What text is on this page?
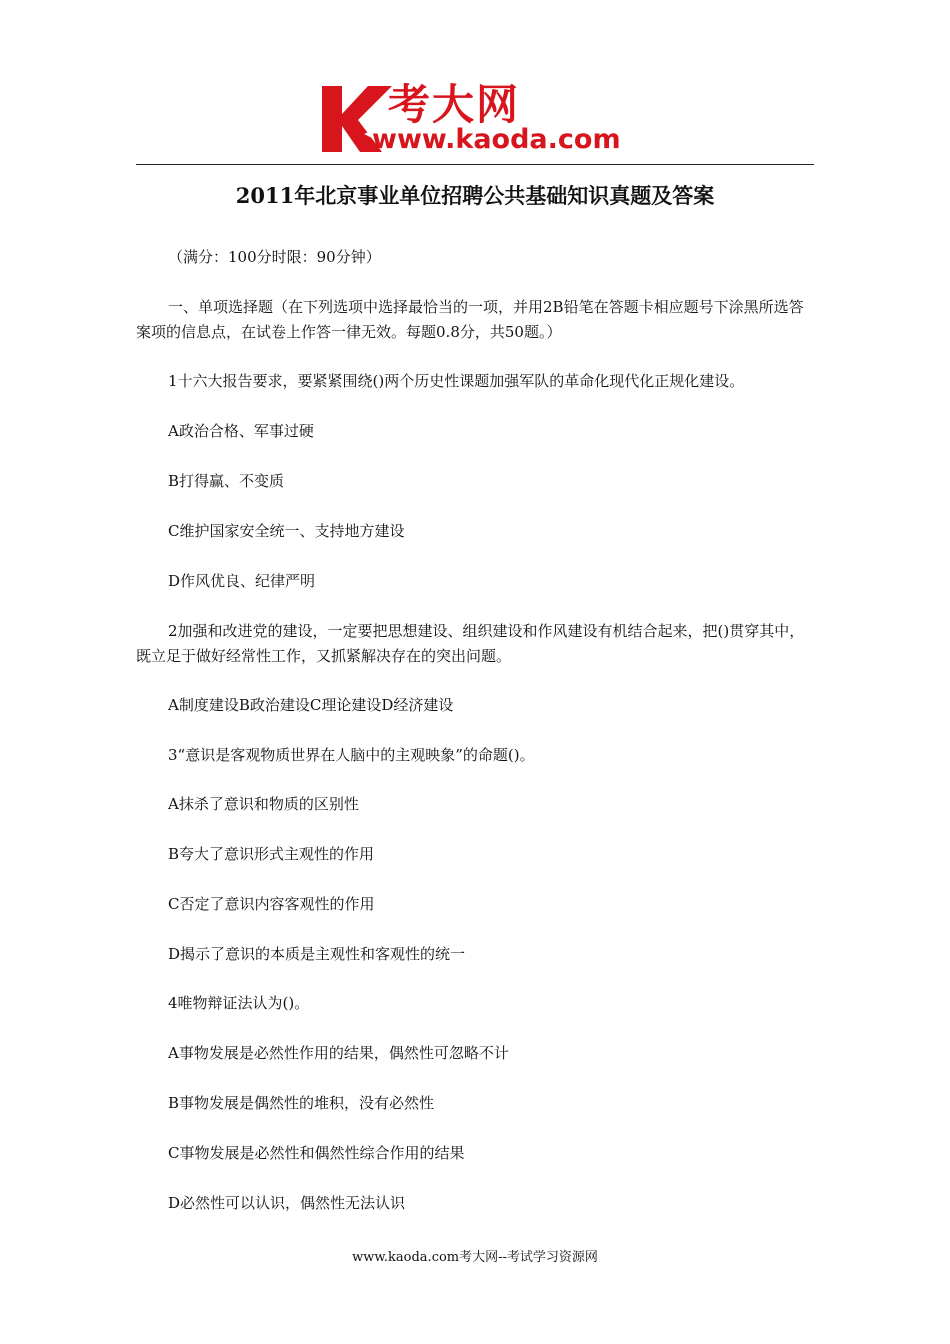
考大网
www.kaoda.com
2011年北京事业单位招聘公共基础知识真题及答案

（满分：100分时限：90分钟）

一、单项选择题（在下列选项中选择最恰当的一项，并用2B铅笔在答题卡相应题号下涂黑所选答案项的信息点，在试卷上作答一律无效。每题0.8分，共50题。）

1十六大报告要求，要紧紧围绕()两个历史性课题加强军队的革命化现代化正规化建设。

A政治合格、军事过硬

B打得赢、不变质

C维护国家安全统一、支持地方建设

D作风优良、纪律严明

2加强和改进党的建设，一定要把思想建设、组织建设和作风建设有机结合起来，把()贯穿其中，既立足于做好经常性工作，又抓紧解决存在的突出问题。

A制度建设B政治建设C理论建设D经济建设

3“意识是客观物质世界在人脑中的主观映象”的命题()。

A抹杀了意识和物质的区别性

B夸大了意识形式主观性的作用

C否定了意识内容客观性的作用

D揭示了意识的本质是主观性和客观性的统一

4唯物辩证法认为()。

A事物发展是必然性作用的结果，偶然性可忽略不计

B事物发展是偶然性的堆积，没有必然性

C事物发展是必然性和偶然性综合作用的结果

D必然性可以认识，偶然性无法认识

www.kaoda.com考大网--考试学习资源网
